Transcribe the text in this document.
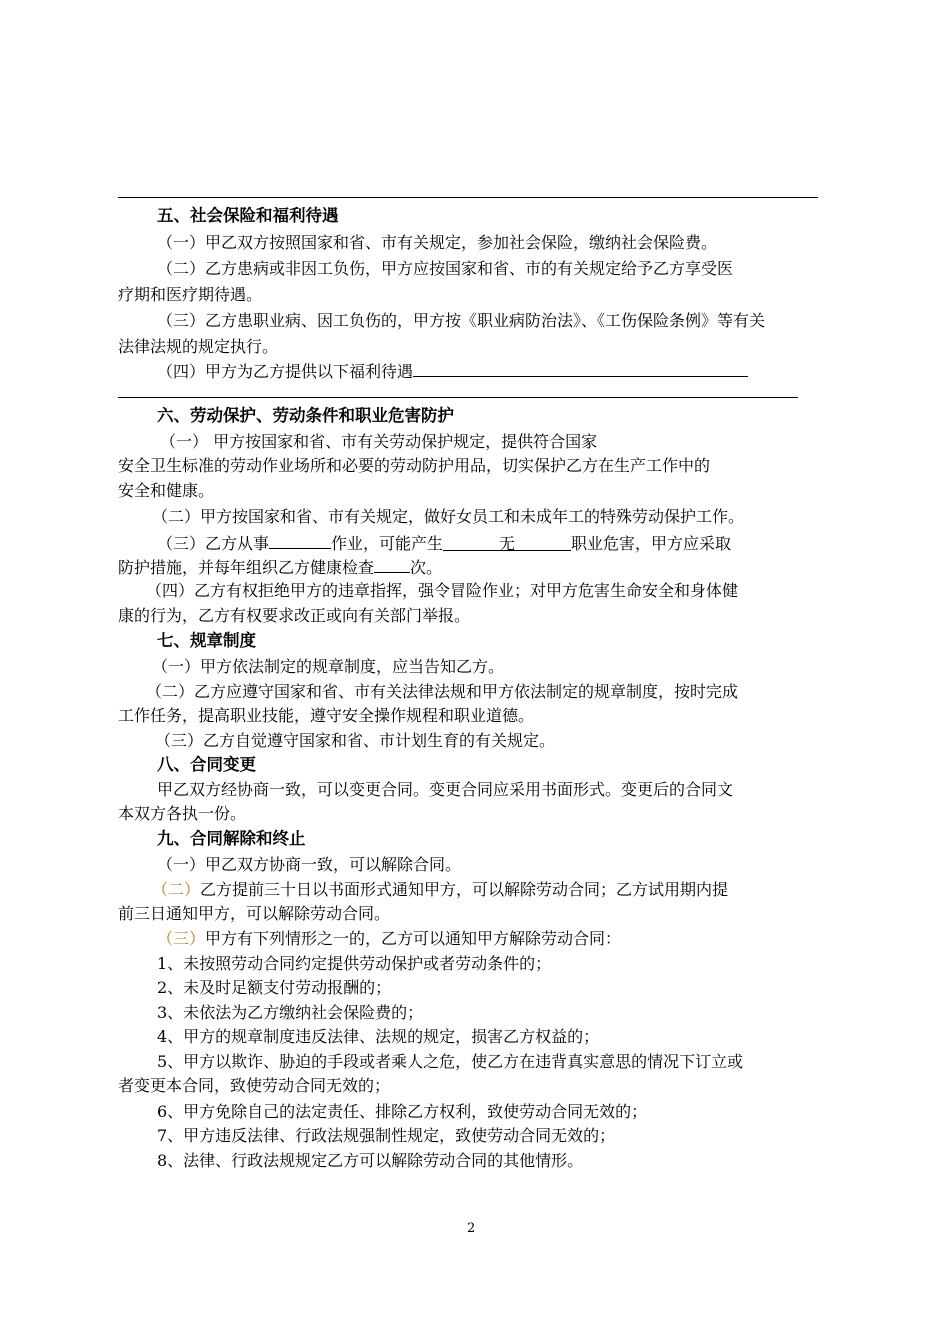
五、社会保险和福利待遇
（一）甲乙双方按照国家和省、市有关规定，参加社会保险，缴纳社会保险费。
（二）乙方患病或非因工负伤，甲方应按国家和省、市的有关规定给予乙方享受医
疗期和医疗期待遇。
（三）乙方患职业病、因工负伤的，甲方按《职业病防治法》、《工伤保险条例》等有关
法律法规的规定执行。
（四）甲方为乙方提供以下福利待遇
六、劳动保护、劳动条件和职业危害防护
（一） 甲方按国家和省、市有关劳动保护规定，提供符合国家
安全卫生标准的劳动作业场所和必要的劳动防护用品，切实保护乙方在生产工作中的
安全和健康。
（二）甲方按国家和省、市有关规定，做好女员工和未成年工的特殊劳动保护工作。
（三）乙方从事	作业，可能产生	无	职业危害，甲方应采取
防护措施，并每年组织乙方健康检查 次。
（四）乙方有权拒绝甲方的违章指挥，强令冒险作业；对甲方危害生命安全和身体健
康的行为，乙方有权要求改正或向有关部门举报。
七、规章制度
（一）甲方依法制定的规章制度，应当告知乙方。
（二）乙方应遵守国家和省、市有关法律法规和甲方依法制定的规章制度，按时完成
工作任务，提高职业技能，遵守安全操作规程和职业道德。
（三）乙方自觉遵守国家和省、市计划生育的有关规定。
八、合同变更
甲乙双方经协商一致，可以变更合同。变更合同应采用书面形式。变更后的合同文
本双方各执一份。
九、合同解除和终止
（一）甲乙双方协商一致，可以解除合同。
（二）乙方提前三十日以书面形式通知甲方，可以解除劳动合同；乙方试用期内提
前三日通知甲方，可以解除劳动合同。
（三）甲方有下列情形之一的，乙方可以通知甲方解除劳动合同：
1、未按照劳动合同约定提供劳动保护或者劳动条件的；
2、未及时足额支付劳动报酬的；
3、未依法为乙方缴纳社会保险费的；
4、甲方的规章制度违反法律、法规的规定，损害乙方权益的；
5、甲方以欺诈、胁迫的手段或者乘人之危，使乙方在违背真实意思的情况下订立或
者变更本合同，致使劳动合同无效的；
6、甲方免除自己的法定责任、排除乙方权利，致使劳动合同无效的；
7、甲方违反法律、行政法规强制性规定，致使劳动合同无效的；
8、法律、行政法规规定乙方可以解除劳动合同的其他情形。
2
